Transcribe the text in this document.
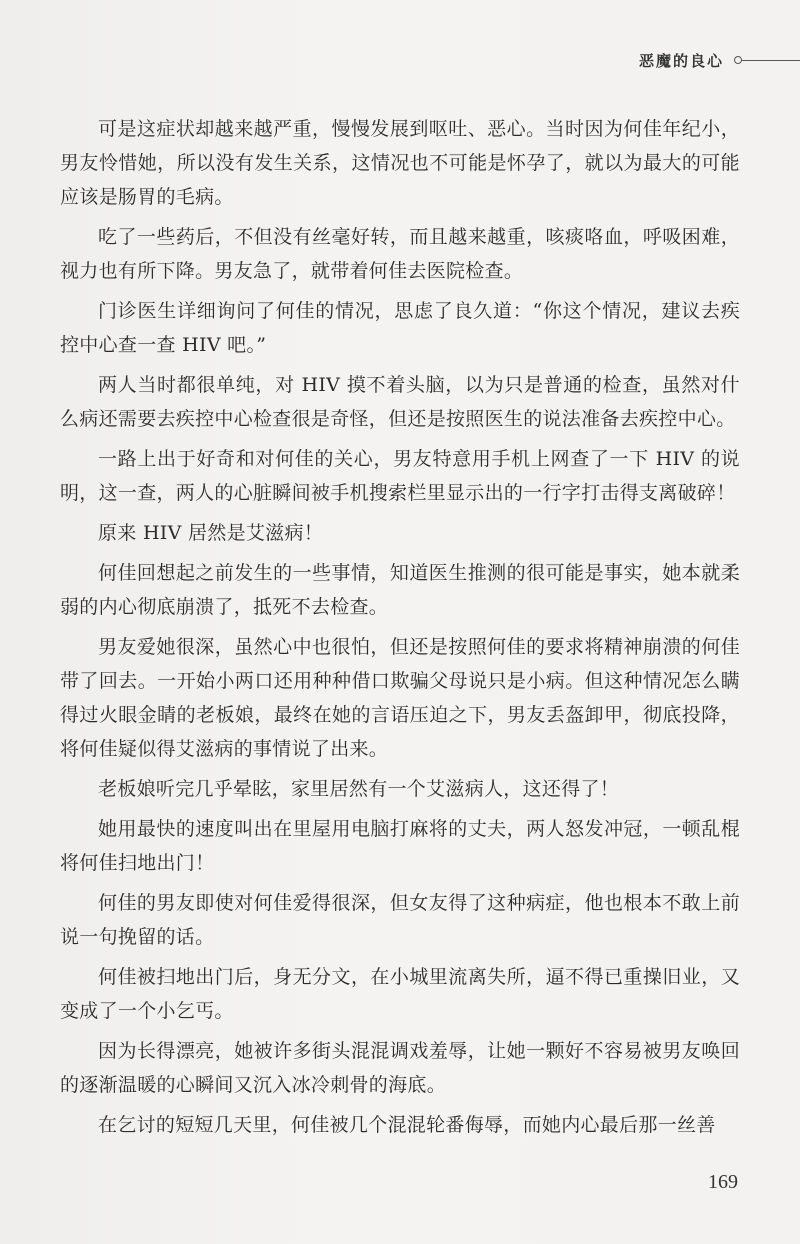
恶魔的良心

可是这症状却越来越严重，慢慢发展到呕吐、恶心。当时因为何佳年纪小，男友怜惜她，所以没有发生关系，这情况也不可能是怀孕了，就以为最大的可能应该是肠胃的毛病。

吃了一些药后，不但没有丝毫好转，而且越来越重，咳痰咯血，呼吸困难，视力也有所下降。男友急了，就带着何佳去医院检查。

门诊医生详细询问了何佳的情况，思虑了良久道：“你这个情况，建议去疾控中心查一查 HIV 吧。”

两人当时都很单纯，对 HIV 摸不着头脑，以为只是普通的检查，虽然对什么病还需要去疾控中心检查很是奇怪，但还是按照医生的说法准备去疾控中心。

一路上出于好奇和对何佳的关心，男友特意用手机上网查了一下 HIV 的说明，这一查，两人的心脏瞬间被手机搜索栏里显示出的一行字打击得支离破碎！

原来 HIV 居然是艾滋病！

何佳回想起之前发生的一些事情，知道医生推测的很可能是事实，她本就柔弱的内心彻底崩溃了，抵死不去检查。

男友爱她很深，虽然心中也很怕，但还是按照何佳的要求将精神崩溃的何佳带了回去。一开始小两口还用种种借口欺骗父母说只是小病。但这种情况怎么瞒得过火眼金睛的老板娘，最终在她的言语压迫之下，男友丢盔卸甲，彻底投降，将何佳疑似得艾滋病的事情说了出来。

老板娘听完几乎晕眩，家里居然有一个艾滋病人，这还得了！

她用最快的速度叫出在里屋用电脑打麻将的丈夫，两人怒发冲冠，一顿乱棍将何佳扫地出门！

何佳的男友即使对何佳爱得很深，但女友得了这种病症，他也根本不敢上前说一句挽留的话。

何佳被扫地出门后，身无分文，在小城里流离失所，逼不得已重操旧业，又变成了一个小乞丐。

因为长得漂亮，她被许多街头混混调戏羞辱，让她一颗好不容易被男友唤回的逐渐温暖的心瞬间又沉入冰冷刺骨的海底。

在乞讨的短短几天里，何佳被几个混混轮番侮辱，而她内心最后那一丝善

169
